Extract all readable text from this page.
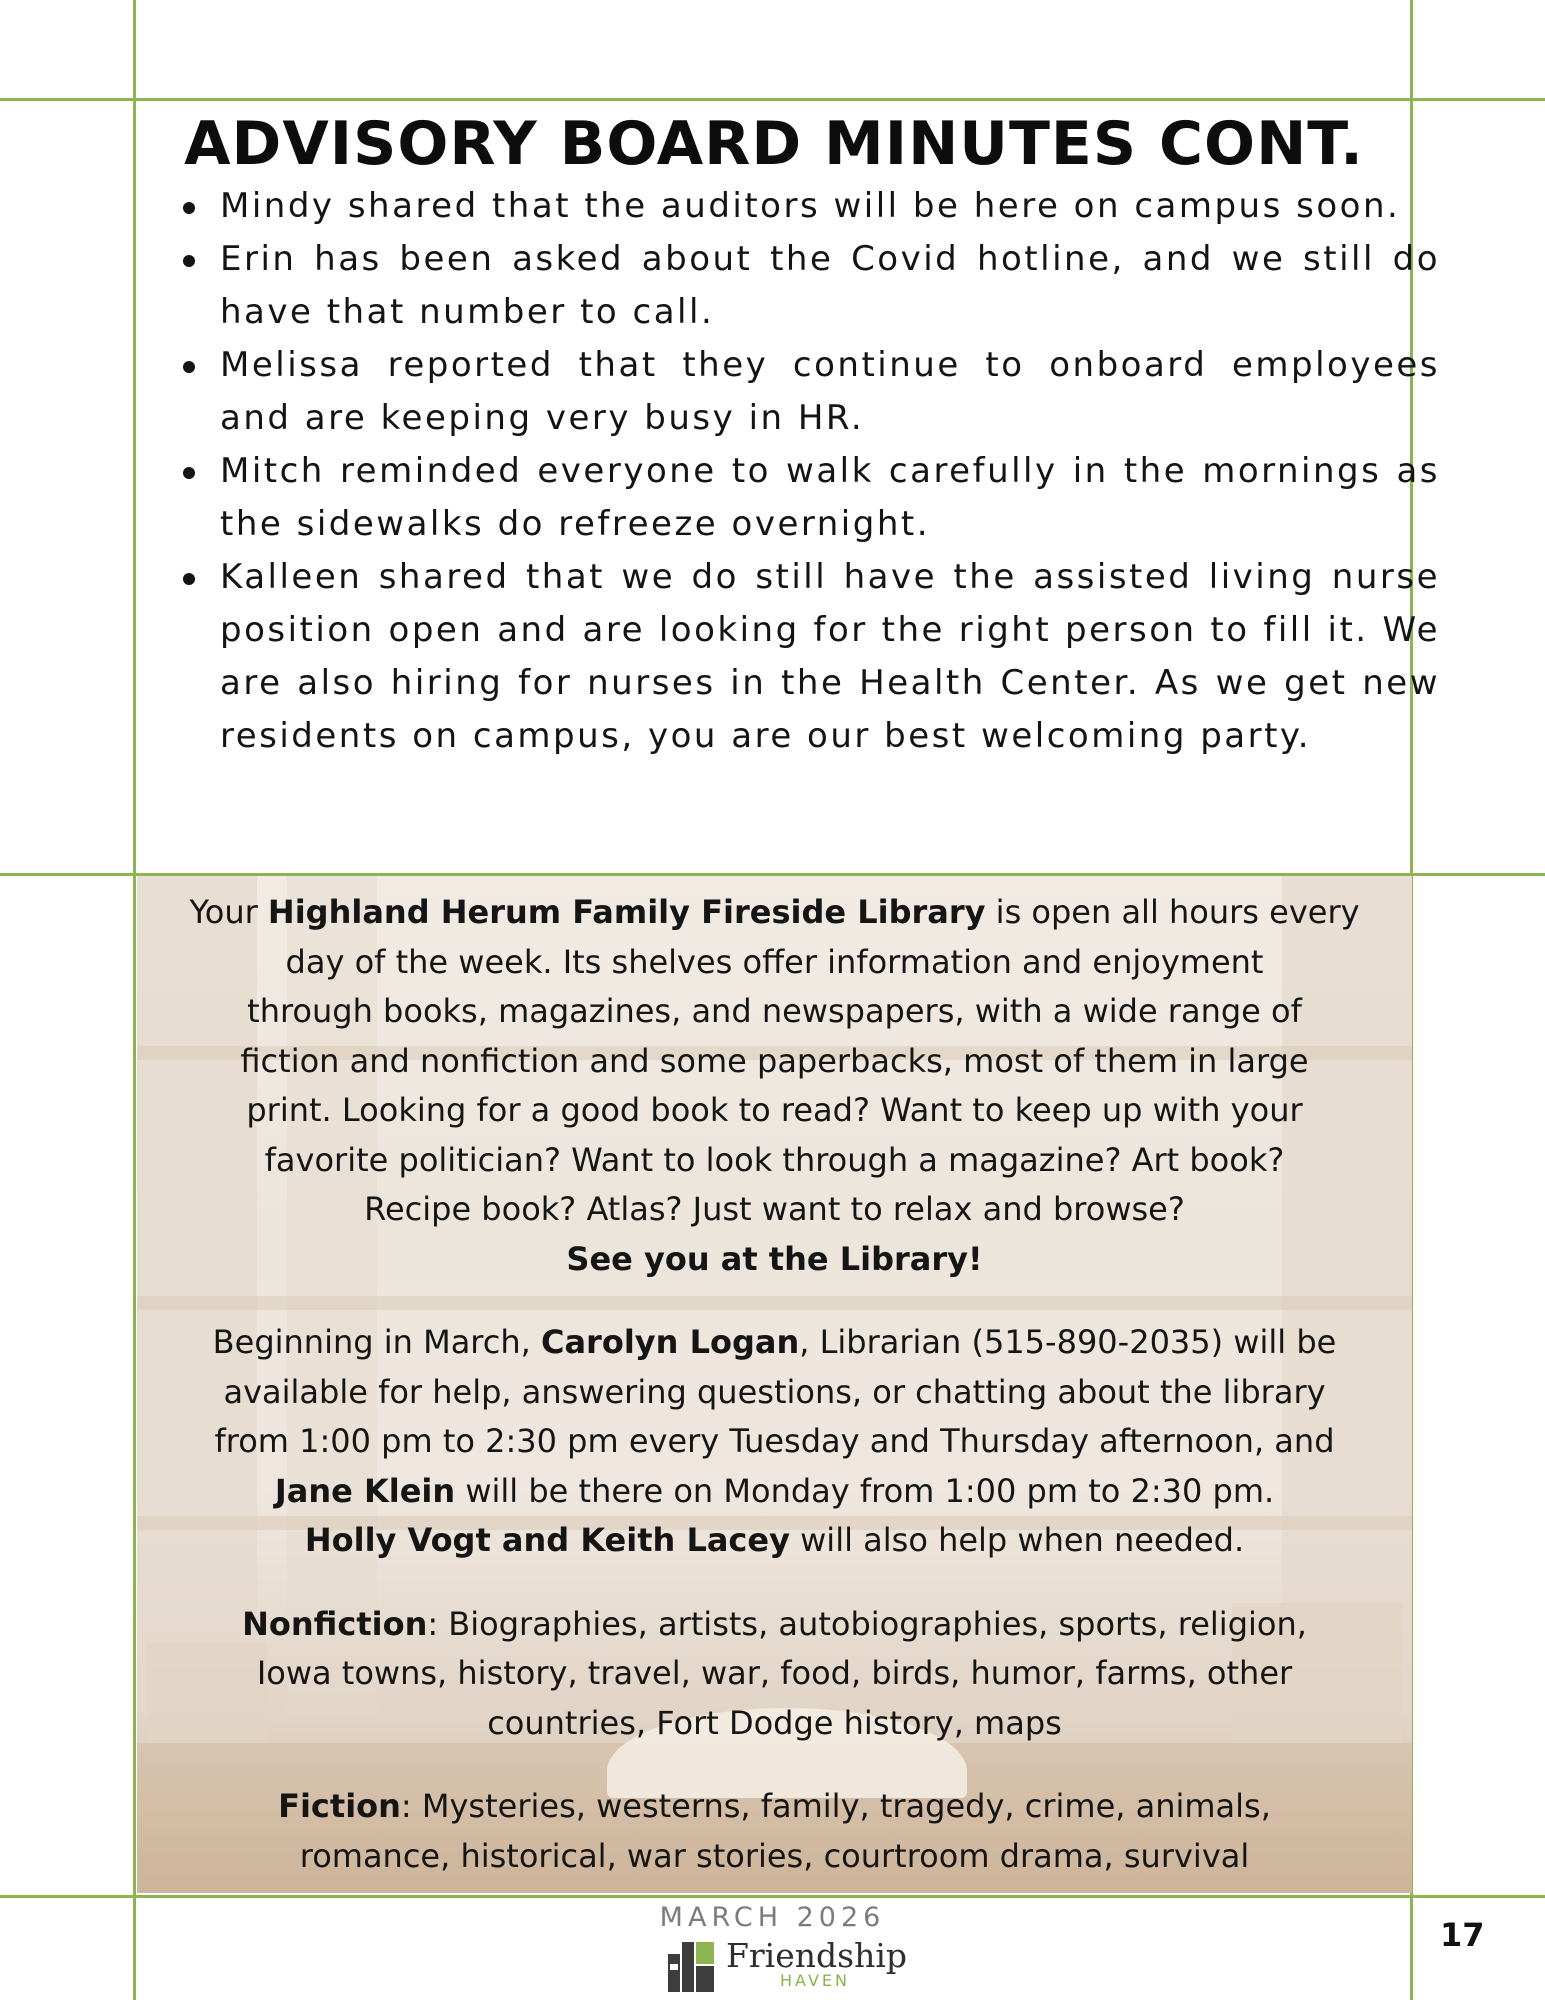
ADVISORY BOARD MINUTES CONT.
Mindy shared that the auditors will be here on campus soon.
Erin has been asked about the Covid hotline, and we still do have that number to call.
Melissa reported that they continue to onboard employees and are keeping very busy in HR.
Mitch reminded everyone to walk carefully in the mornings as the sidewalks do refreeze overnight.
Kalleen shared that we do still have the assisted living nurse position open and are looking for the right person to fill it. We are also hiring for nurses in the Health Center. As we get new residents on campus, you are our best welcoming party.

Your Highland Herum Family Fireside Library is open all hours every
day of the week. Its shelves offer information and enjoyment
through books, magazines, and newspapers, with a wide range of
fiction and nonfiction and some paperbacks, most of them in large
print. Looking for a good book to read? Want to keep up with your
favorite politician? Want to look through a magazine? Art book?
Recipe book? Atlas? Just want to relax and browse?
See you at the Library!

Beginning in March, Carolyn Logan, Librarian (515-890-2035) will be
available for help, answering questions, or chatting about the library
from 1:00 pm to 2:30 pm every Tuesday and Thursday afternoon, and
Jane Klein will be there on Monday from 1:00 pm to 2:30 pm.
Holly Vogt and Keith Lacey will also help when needed.

Nonfiction: Biographies, artists, autobiographies, sports, religion,
Iowa towns, history, travel, war, food, birds, humor, farms, other
countries, Fort Dodge history, maps

Fiction: Mysteries, westerns, family, tragedy, crime, animals,
romance, historical, war stories, courtroom drama, survival

MARCH 2026
Friendship
HAVEN
17
